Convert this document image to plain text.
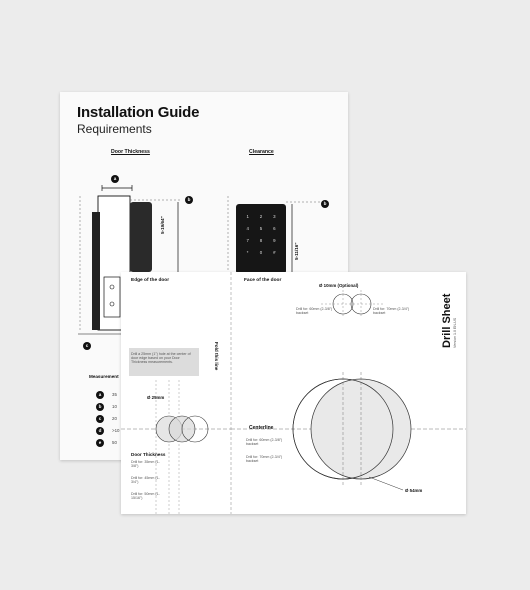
Installation Guide
Requirements
Door Thickness	Clearance
a
b
b
c
5-19/64"
5-11/16"
1	2	3
4	5	6
7	8	9
*	0	#
Measurement
a	35
b	10
c	20
d	>10
e	50
Edge of the door	Face of the door
Fold this line
Drill Sheet Version 1.0 EN-US
Drill a 25mm (1") hole at the center of door edge based on your Door Thickness measurements.
Ø 25mm
Ø 10mm (Optional)
Drill for: 60mm (2-3/8") backset
Drill for: 70mm (2-3/4") backset
Centerline
Drill for: 60mm (2-3/8") backset
Drill for: 70mm (2-3/4") backset
Ø 54mm
Door Thickness
Drill for: 35mm (1-3/8")
Drill for: 45mm (1-3/4")
Drill for: 50mm (1-15/16")
